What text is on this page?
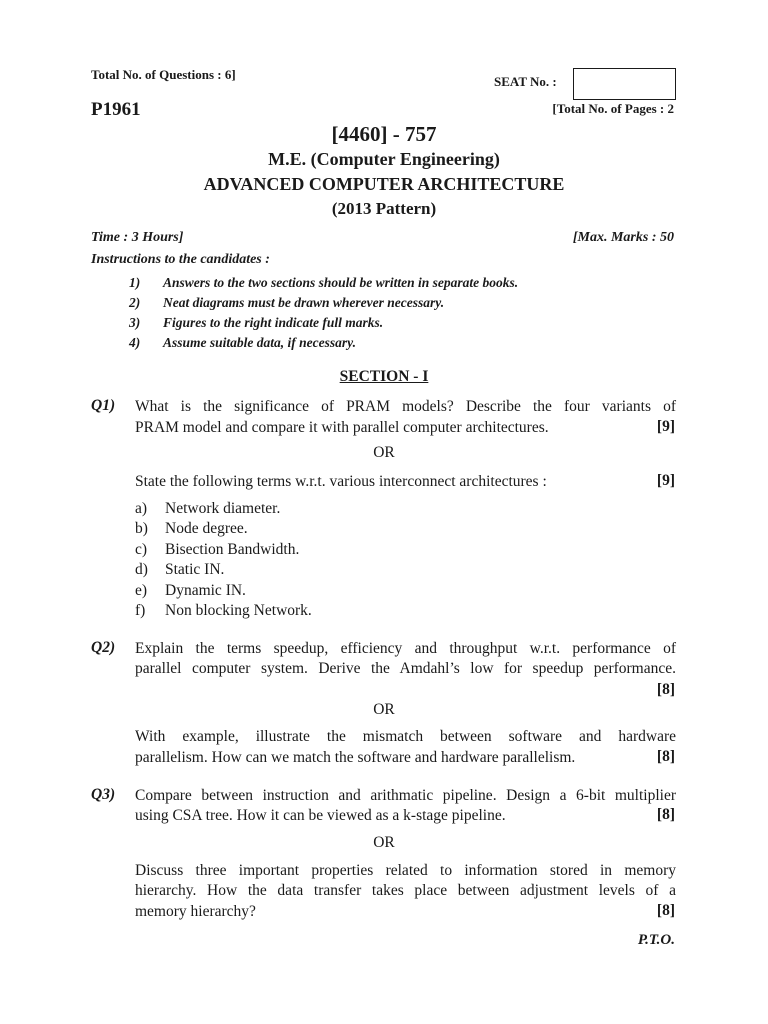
Total No. of Questions : 6]	SEAT No. :
P1961	[Total No. of Pages : 2
[4460] - 757
M.E. (Computer Engineering)
ADVANCED COMPUTER ARCHITECTURE
(2013 Pattern)
Time : 3 Hours]	[Max. Marks : 50
Instructions to the candidates :
1) Answers to the two sections should be written in separate books.
2) Neat diagrams must be drawn wherever necessary.
3) Figures to the right indicate full marks.
4) Assume suitable data, if necessary.
SECTION - I
Q1) What is the significance of PRAM models? Describe the four variants of
PRAM model and compare it with parallel computer architectures.	[9]
OR
State the following terms w.r.t. various interconnect architectures :	[9]
a) Network diameter.
b) Node degree.
c) Bisection Bandwidth.
d) Static IN.
e) Dynamic IN.
f) Non blocking Network.
Q2) Explain the terms speedup, efficiency and throughput w.r.t. performance of
parallel computer system. Derive the Amdahl’s low for speedup performance.
[8]
OR
With example, illustrate the mismatch between software and hardware
parallelism. How can we match the software and hardware parallelism.	[8]
Q3) Compare between instruction and arithmatic pipeline. Design a 6-bit multiplier
using CSA tree. How it can be viewed as a k-stage pipeline.	[8]
OR
Discuss three important properties related to information stored in memory
hierarchy. How the data transfer takes place between adjustment levels of a
memory hierarchy?	[8]
P.T.O.
